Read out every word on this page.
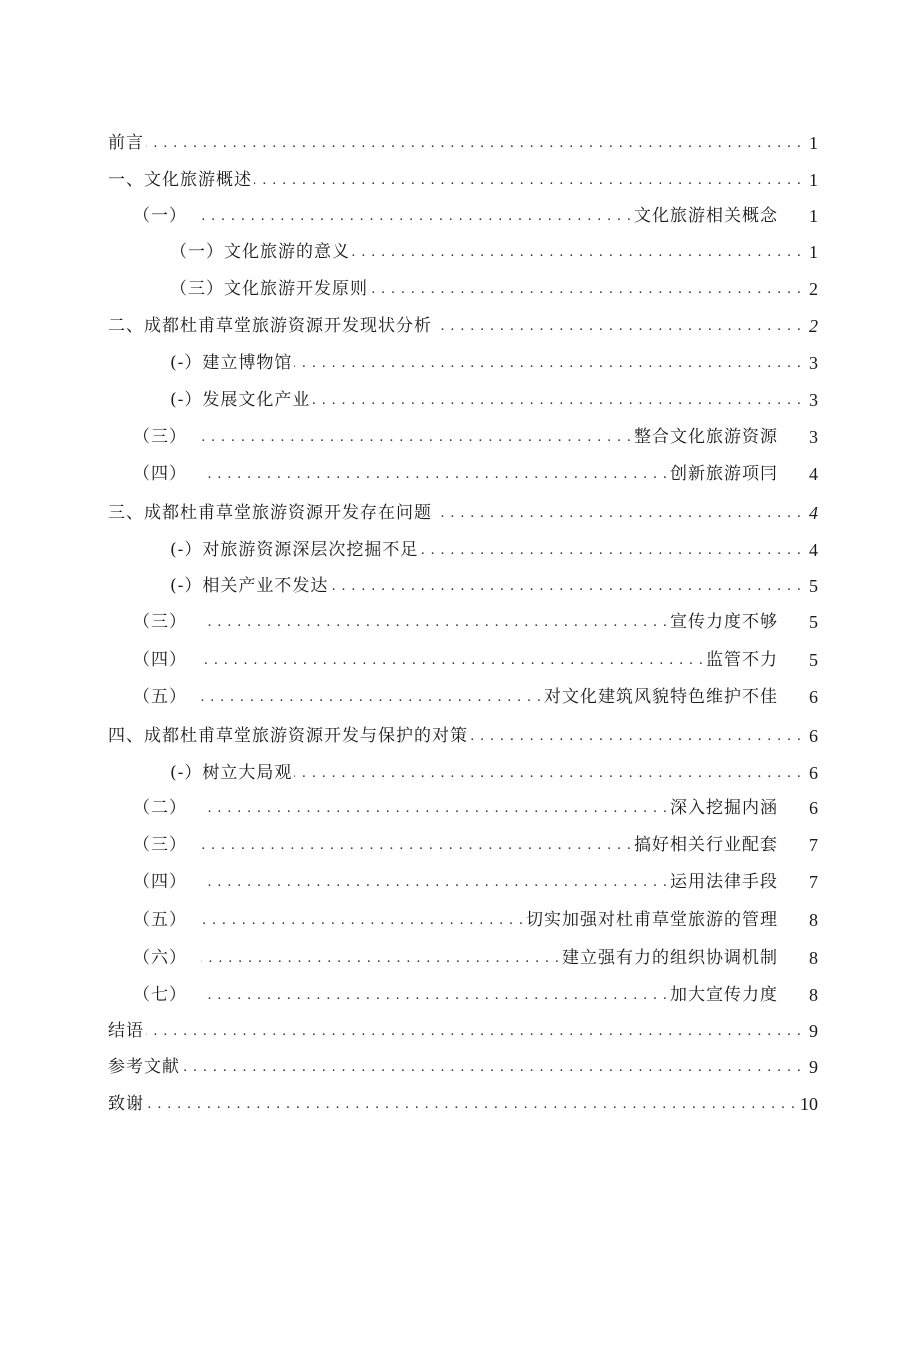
前言 . . .	1
一、 文化旅游概述 . . .	1
（一） . . .	文化旅游相关概念 1
（一） 文化旅游的意义 . . .	1
（三） 文化旅游开发原则 . . .	2
二、 成都杜甫草堂旅游资源开发现状分析 . . .	2
(-） 建立博物馆 . . .	3
(-） 发展文化产业 . . .	3
（三） . . .	整合文化旅游资源 3
（四） . . .	创新旅游项冃 4
三、 成都杜甫草堂旅游资源开发存在问题 . . .	4
(-） 对旅游资源深层次挖掘不足 . . .	4
(-） 相关产业不发达 . . .	5
（三） . . .	宣传力度不够 5
（四） . . .	监管不力 5
（五） . . .	对文化建筑风貌特色维护不佳 6
四、 成都杜甫草堂旅游资源开发与保护的对策 . . .	6
(-） 树立大局观 . . .	6
（二） . . .	深入挖掘内涵 6
（三） . . .	搞好相关行业配套 7
（四） . . .	运用法律手段 7
（五） . . .	切实加强对杜甫草堂旅游的管理 8
（六） . . .	建立强有力的组织协调机制 8
（七） . . .	加大宣传力度 8
结语 . . .	9
参考文献 . . .	9
致谢 . . .	10
